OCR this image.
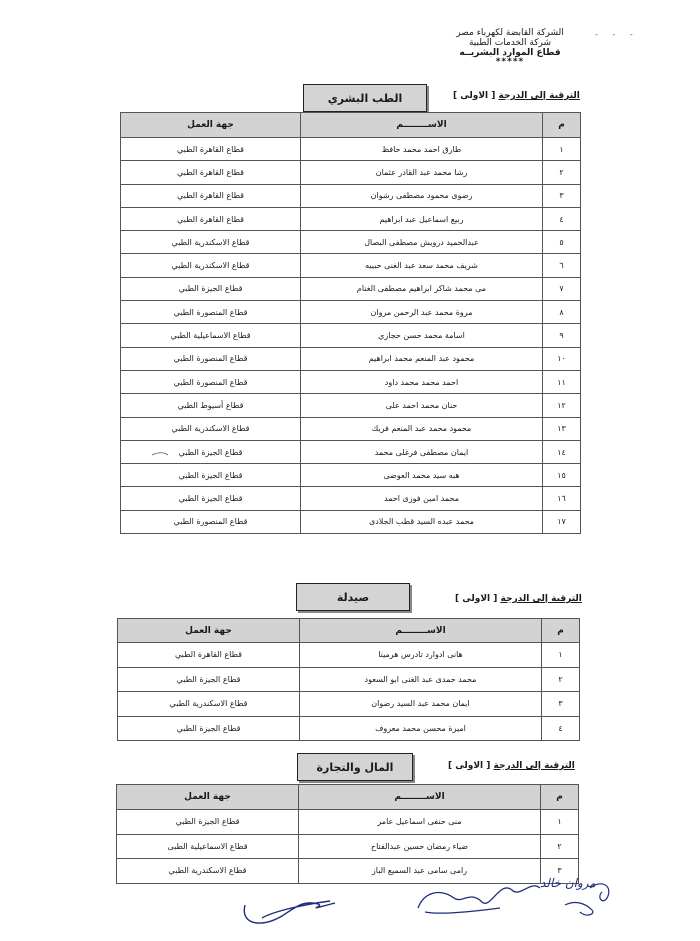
الشركة القابضة لكهرباء مصر
شركة الخدمات الطبية
قطاع الموارد البشريــه
*****
- - -
الطب البشري	الترقية إلى الدرجة [ الاولى ]
م	الاســــــــم	جهة العمل
١	طارق احمد محمد حافظ	قطاع القاهرة الطبي
٢	رشا محمد عبد القادر عثمان	قطاع القاهرة الطبي
٣	رضوى محمود مصطفى رشوان	قطاع القاهرة الطبي
٤	ربيع اسماعيل عبد ابراهيم	قطاع القاهرة الطبي
٥	عبدالحميد درويش مصطفى البصال	قطاع الاسكندرية الطبي
٦	شريف محمد سعد عبد الغنى حبيبه	قطاع الاسكندرية الطبي
٧	مى محمد شاكر ابراهيم مصطفى الغنام	قطاع الجيزة الطبي
٨	مروة محمد عبد الرحمن مروان	قطاع المنصورة الطبي
٩	اسامة محمد حسن حجازي	قطاع الاسماعيلية الطبي
١٠	محمود عبد المنعم محمد ابراهيم	قطاع المنصورة الطبي
١١	احمد محمد محمد داود	قطاع المنصورة الطبي
١٢	حنان محمد احمد على	قطاع أسيوط الطبي
١٣	محمود محمد عبد المنعم فريك	قطاع الاسكندرية الطبي
١٤	ايمان مصطفى فرغلى محمد	قطاع الجيزة الطبي
١٥	هبه سيد محمد العوضى	قطاع الجيزة الطبي
١٦	محمد امين فوزى احمد	قطاع الجيزة الطبي
١٧	محمد عبده السيد قطب الجلادى	قطاع المنصورة الطبي
صيدلة	الترقية إلى الدرجة [ الاولى ]
م	الاســــــــم	جهة العمل
١	هانى ادوارد تادرس هرمينا	قطاع القاهرة الطبي
٢	محمد حمدى عبد الغنى ابو السعود	قطاع الجيزة الطبي
٣	ايمان محمد عبد السيد رضوان	قطاع الاسكندرية الطبي
٤	اميرة محسن محمد معروف	قطاع الجيزة الطبي
المال والتجارة	الترقية إلى الدرجة [ الاولى ]
م	الاســــــــم	جهة العمل
١	منى حنفى اسماعيل عامر	قطاع الجيزة الطبي
٢	ضياء رمضان حسين عبدالفتاح	قطاع الاسماعيلية الطبى
٣	رامى سامى عبد السميع الباز	قطاع الاسكندرية الطبي
مروان خالد
